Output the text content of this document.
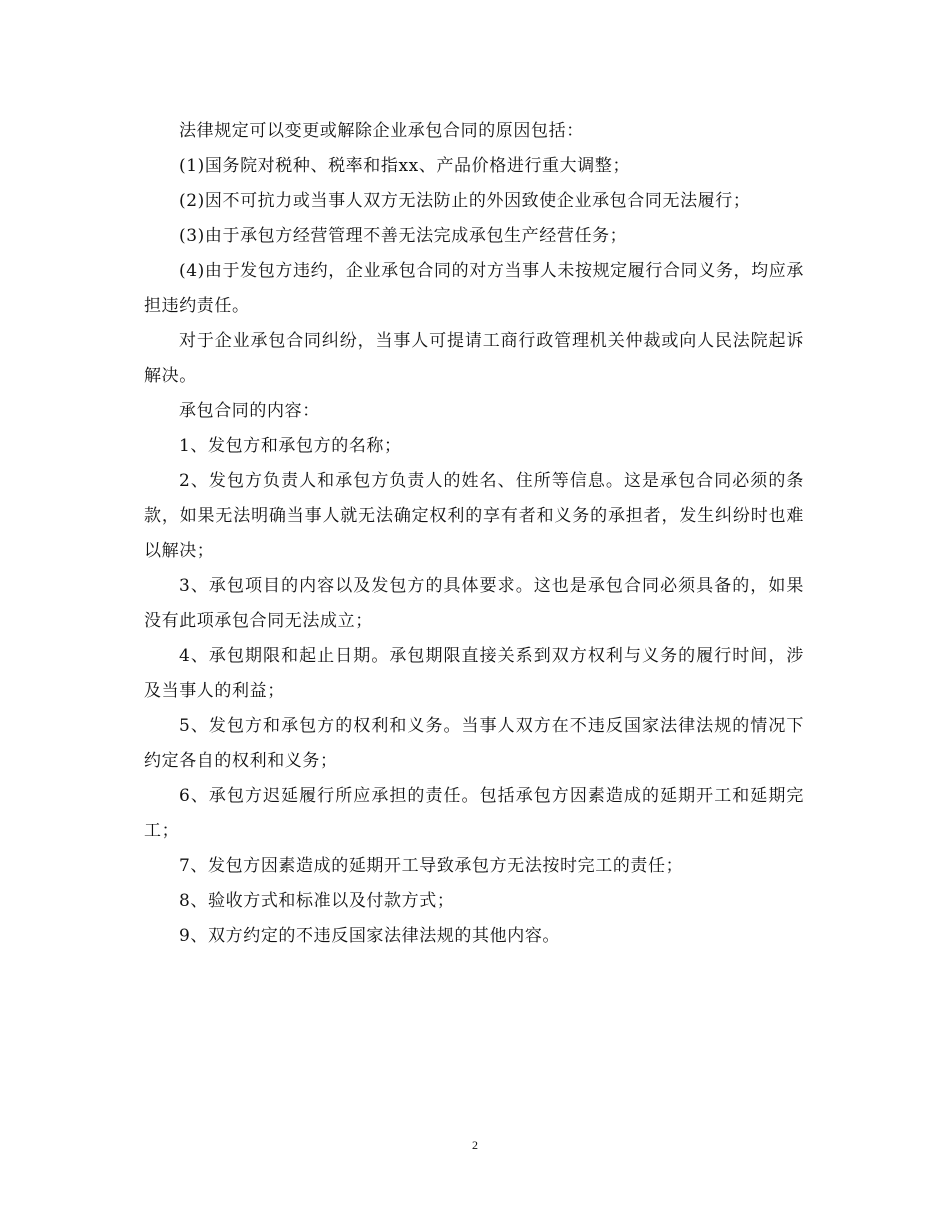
法律规定可以变更或解除企业承包合同的原因包括：

(1)国务院对税种、税率和指xx、产品价格进行重大调整；

(2)因不可抗力或当事人双方无法防止的外因致使企业承包合同无法履行；

(3)由于承包方经营管理不善无法完成承包生产经营任务；

(4)由于发包方违约，企业承包合同的对方当事人未按规定履行合同义务，均应承担违约责任。

对于企业承包合同纠纷，当事人可提请工商行政管理机关仲裁或向人民法院起诉解决。

承包合同的内容：

1、发包方和承包方的名称；

2、发包方负责人和承包方负责人的姓名、住所等信息。这是承包合同必须的条款，如果无法明确当事人就无法确定权利的享有者和义务的承担者，发生纠纷时也难以解决；

3、承包项目的内容以及发包方的具体要求。这也是承包合同必须具备的，如果没有此项承包合同无法成立；

4、承包期限和起止日期。承包期限直接关系到双方权利与义务的履行时间，涉及当事人的利益；

5、发包方和承包方的权利和义务。当事人双方在不违反国家法律法规的情况下约定各自的权利和义务；

6、承包方迟延履行所应承担的责任。包括承包方因素造成的延期开工和延期完工；

7、发包方因素造成的延期开工导致承包方无法按时完工的责任；

8、验收方式和标准以及付款方式；

9、双方约定的不违反国家法律法规的其他内容。

2
